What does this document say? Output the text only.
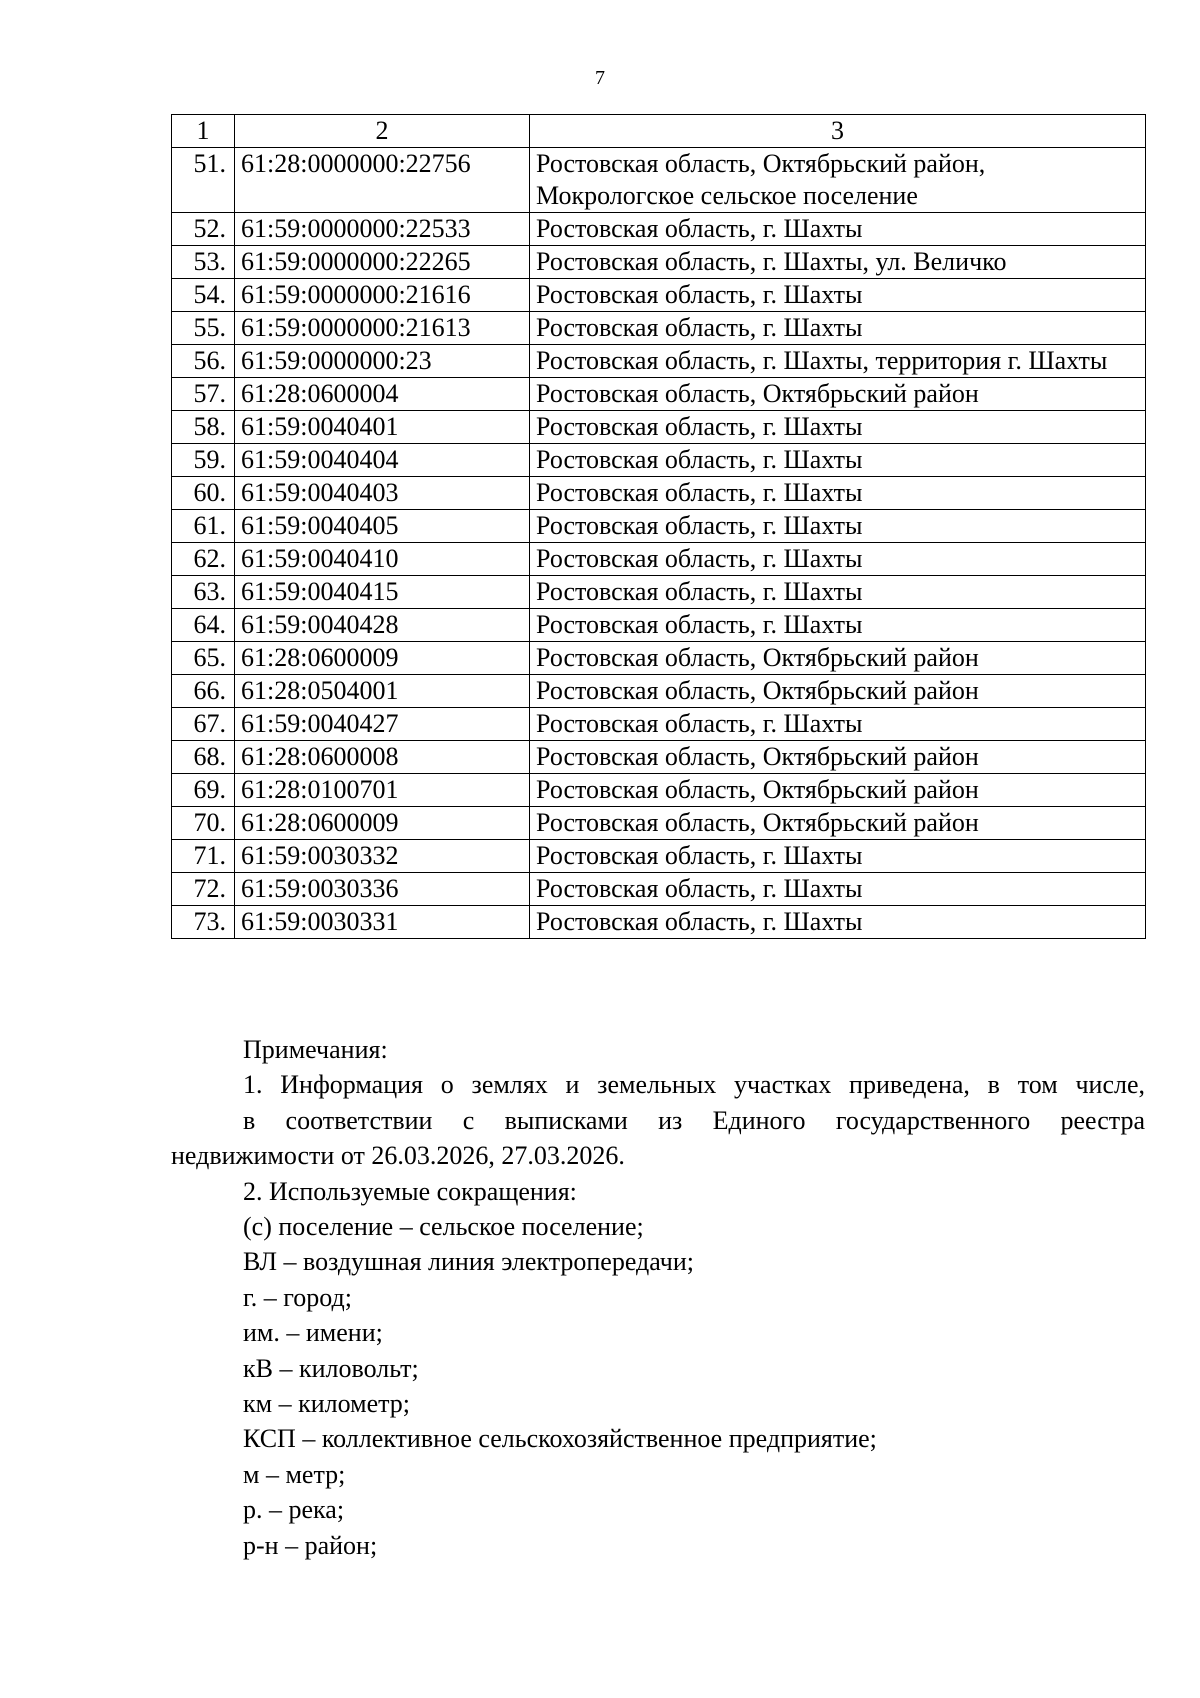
7
1	2	3
51.	61:28:0000000:22756	Ростовская область, Октябрьский район, Мокрологское сельское поселение
52.	61:59:0000000:22533	Ростовская область, г. Шахты
53.	61:59:0000000:22265	Ростовская область, г. Шахты, ул. Величко
54.	61:59:0000000:21616	Ростовская область, г. Шахты
55.	61:59:0000000:21613	Ростовская область, г. Шахты
56.	61:59:0000000:23	Ростовская область, г. Шахты, территория г. Шахты
57.	61:28:0600004	Ростовская область, Октябрьский район
58.	61:59:0040401	Ростовская область, г. Шахты
59.	61:59:0040404	Ростовская область, г. Шахты
60.	61:59:0040403	Ростовская область, г. Шахты
61.	61:59:0040405	Ростовская область, г. Шахты
62.	61:59:0040410	Ростовская область, г. Шахты
63.	61:59:0040415	Ростовская область, г. Шахты
64.	61:59:0040428	Ростовская область, г. Шахты
65.	61:28:0600009	Ростовская область, Октябрьский район
66.	61:28:0504001	Ростовская область, Октябрьский район
67.	61:59:0040427	Ростовская область, г. Шахты
68.	61:28:0600008	Ростовская область, Октябрьский район
69.	61:28:0100701	Ростовская область, Октябрьский район
70.	61:28:0600009	Ростовская область, Октябрьский район
71.	61:59:0030332	Ростовская область, г. Шахты
72.	61:59:0030336	Ростовская область, г. Шахты
73.	61:59:0030331	Ростовская область, г. Шахты

Примечания:

1. Информация о землях и земельных участках приведена, в том числе,

в соответствии с выписками из Единого государственного реестра

недвижимости от 26.03.2026, 27.03.2026.

2. Используемые сокращения:

(с) поселение – сельское поселение;

ВЛ – воздушная линия электропередачи;

г. – город;

им. – имени;

кВ – киловольт;

км – километр;

КСП – коллективное сельскохозяйственное предприятие;

м – метр;

р. – река;

р-н – район;
